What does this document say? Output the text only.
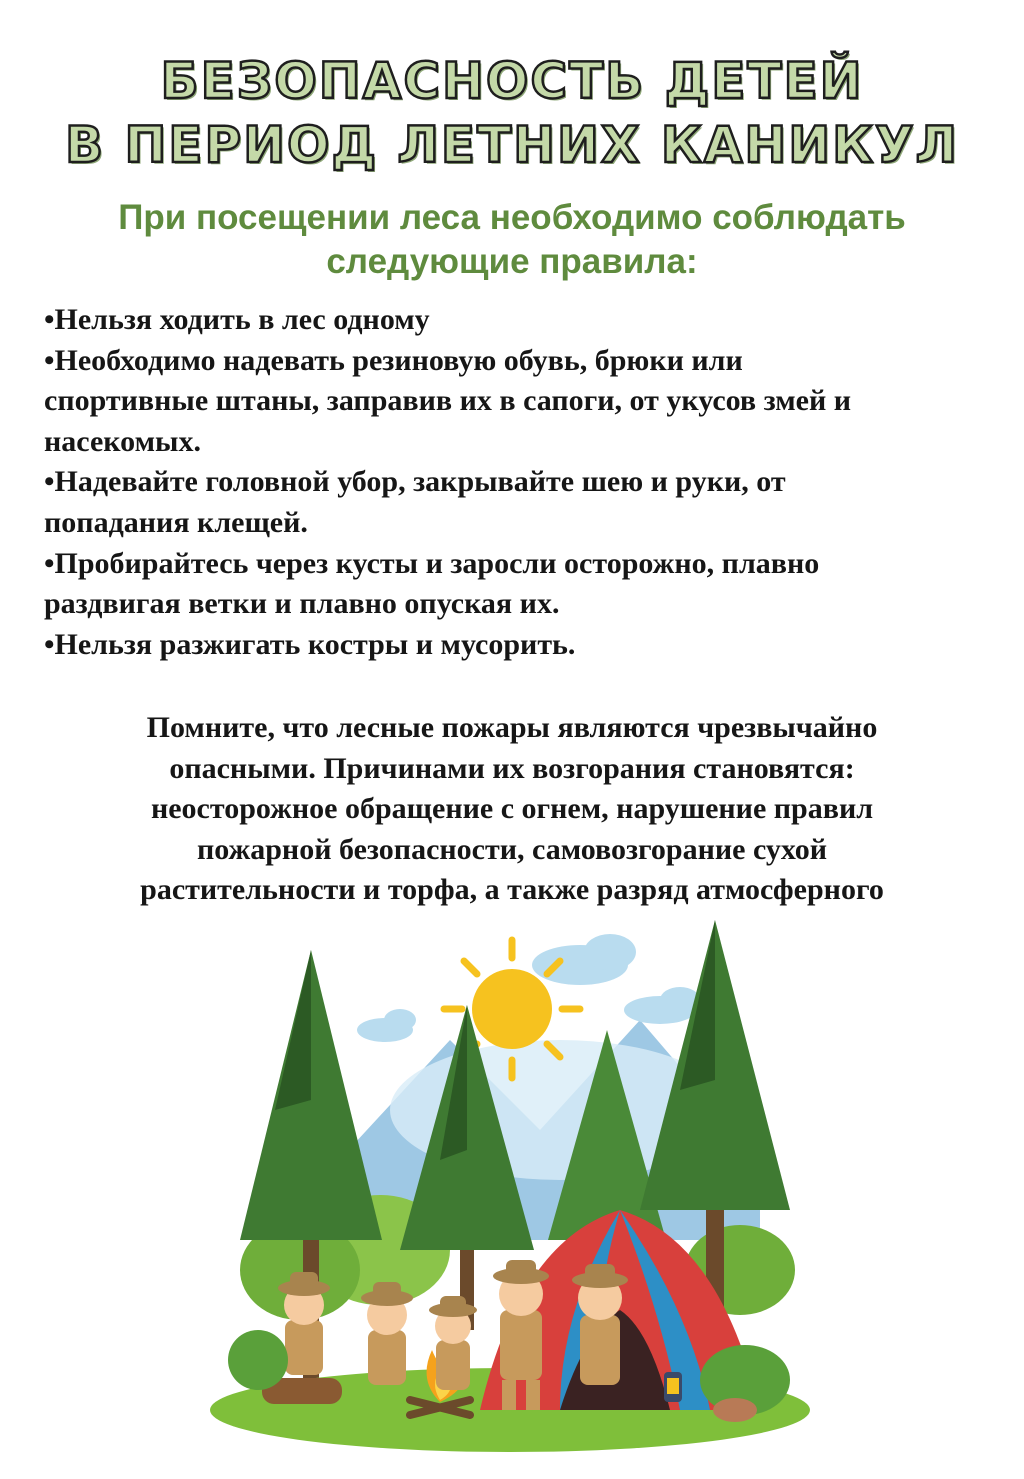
БЕЗОПАСНОСТЬ ДЕТЕЙ
В ПЕРИОД ЛЕТНИХ КАНИКУЛ
При посещении леса необходимо соблюдать
следующие правила:

•Нельзя ходить в лес одному

•Необходимо надевать резиновую обувь, брюки или

спортивные штаны, заправив их в сапоги, от укусов змей и

насекомых.

•Надевайте головной убор, закрывайте шею и руки, от

попадания клещей.

•Пробирайтесь через кусты и заросли осторожно, плавно

раздвигая ветки и плавно опуская их.

•Нельзя разжигать костры и мусорить.

Помните, что лесные пожары являются чрезвычайно

опасными. Причинами их возгорания становятся:

неосторожное обращение с огнем, нарушение правил

пожарной безопасности, самовозгорание сухой

растительности и торфа, а также разряд атмосферного
